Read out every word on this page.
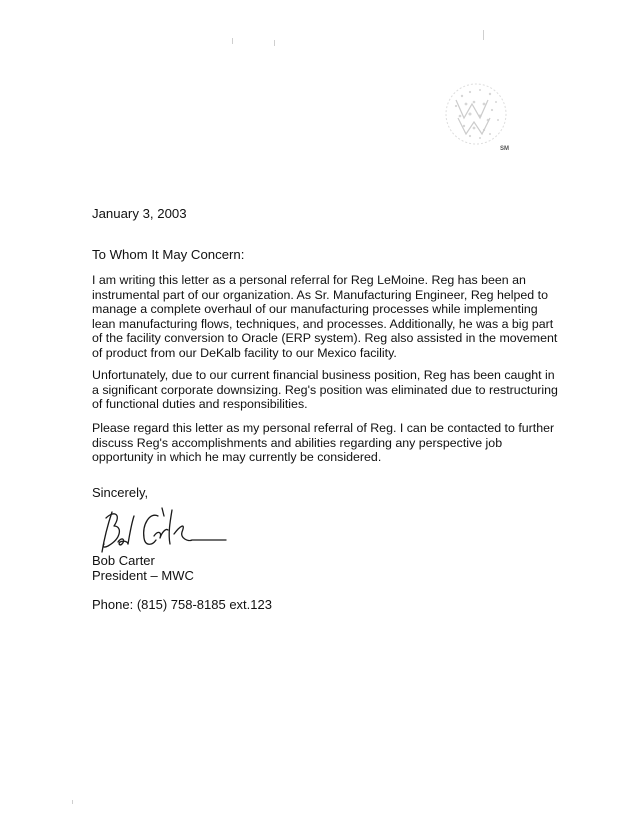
SM
January 3, 2003
To Whom It May Concern:
I am writing this letter as a personal referral for Reg LeMoine. Reg has been an instrumental part of our organization. As Sr. Manufacturing Engineer, Reg helped to manage a complete overhaul of our manufacturing processes while implementing lean manufacturing flows, techniques, and processes. Additionally, he was a big part of the facility conversion to Oracle (ERP system). Reg also assisted in the movement of product from our DeKalb facility to our Mexico facility.
Unfortunately, due to our current financial business position, Reg has been caught in a significant corporate downsizing. Reg's position was eliminated due to restructuring of functional duties and responsibilities.
Please regard this letter as my personal referral of Reg. I can be contacted to further discuss Reg's accomplishments and abilities regarding any perspective job opportunity in which he may currently be considered.
Sincerely,
Bob Carter
President – MWC
Phone: (815) 758-8185 ext.123
